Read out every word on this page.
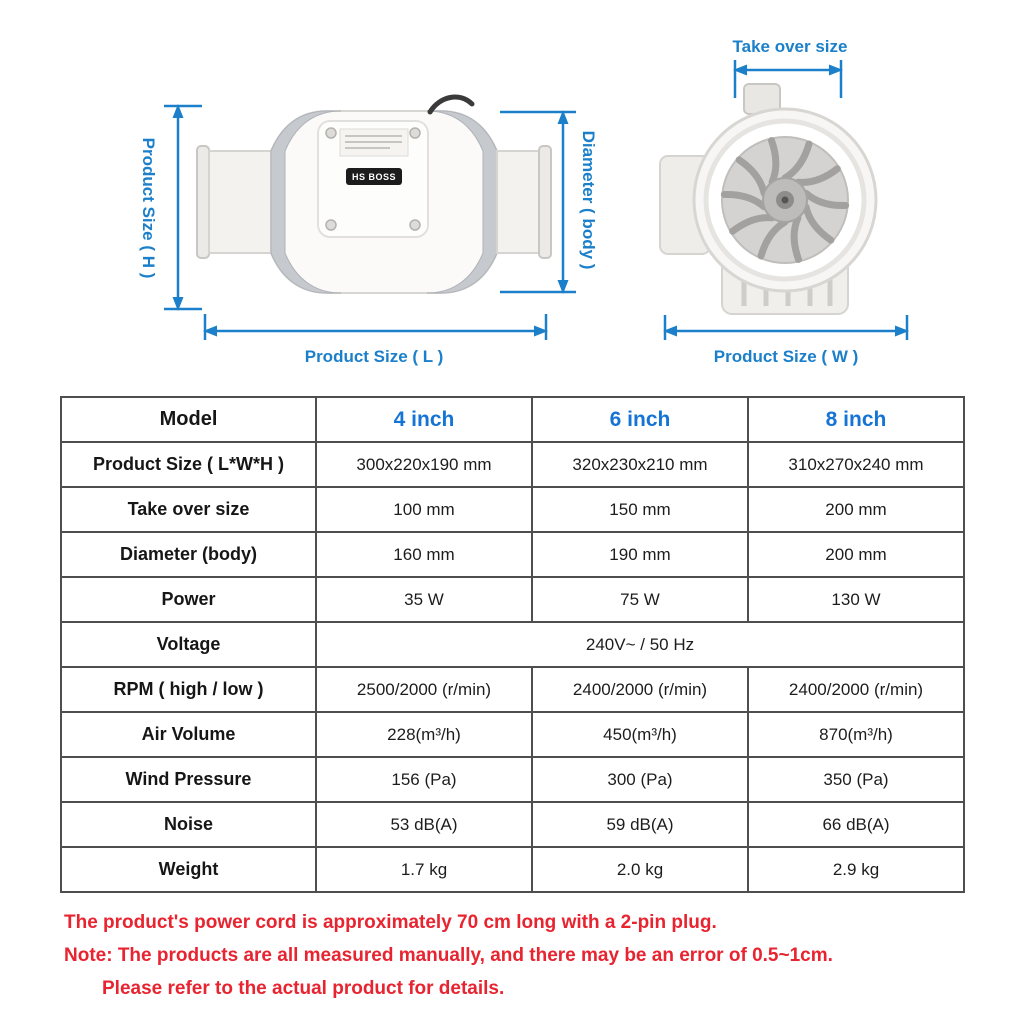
HS BOSS
Product Size ( H )	Diameter ( body )
Product Size ( L )
Take over size
Product Size ( W )
Model	4 inch	6 inch	8 inch
Product Size ( L*W*H )	300x220x190 mm	320x230x210 mm	310x270x240 mm
Take over size	100 mm	150 mm	200 mm
Diameter (body)	160 mm	190 mm	200 mm
Power	35 W	75 W	130 W
Voltage	240V~ / 50 Hz		
RPM ( high / low )	2500/2000 (r/min)	2400/2000 (r/min)	2400/2000 (r/min)
Air Volume	228(m³/h)	450(m³/h)	870(m³/h)
Wind Pressure	156 (Pa)	300 (Pa)	350 (Pa)
Noise	53 dB(A)	59 dB(A)	66 dB(A)
Weight	1.7 kg	2.0 kg	2.9 kg

The product's power cord is approximately 70 cm long with a 2-pin plug.

Note: The products are all measured manually, and there may be an error of 0.5~1cm.

Please refer to the actual product for details.
